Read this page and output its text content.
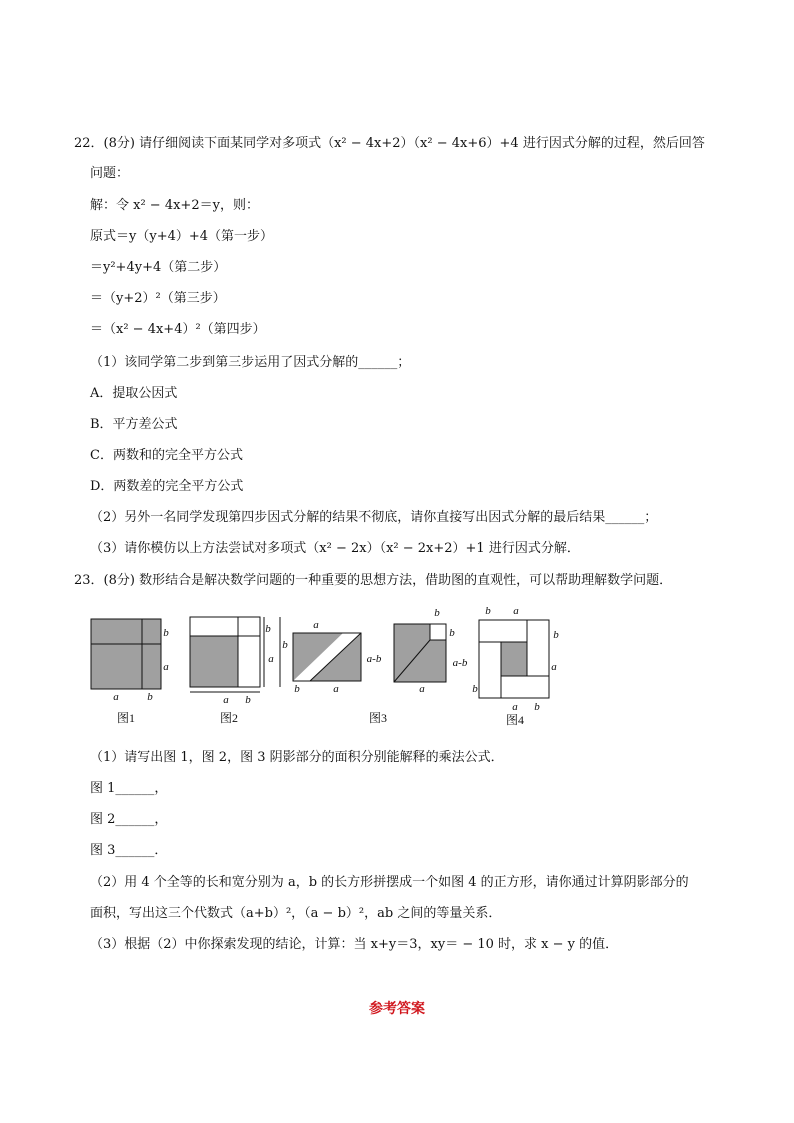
22．(8分) 请仔细阅读下面某同学对多项式（x² − 4x+2）（x² − 4x+6）+4 进行因式分解的过程，然后回答
问题：
解：令 x² − 4x+2＝y，则：
原式＝y（y+4）+4（第一步）
＝y²+4y+4（第二步）
＝（y+2）²（第三步）
＝（x² − 4x+4）²（第四步）
（1）该同学第二步到第三步运用了因式分解的______；
A．提取公因式
B．平方差公式
C．两数和的完全平方公式
D．两数差的完全平方公式
（2）另外一名同学发现第四步因式分解的结果不彻底，请你直接写出因式分解的最后结果______；
（3）请你模仿以上方法尝试对多项式（x² − 2x）（x² − 2x+2）+1 进行因式分解．
23．(8分) 数形结合是解决数学问题的一种重要的思想方法，借助图的直观性，可以帮助理解数学问题．
b
a
a	b
图1
b
b
a
a b
图2
a
a-b
b	a
图3
b
b
a-b
a
b a
b
a
b
a b
图4
（1）请写出图 1，图 2，图 3 阴影部分的面积分别能解释的乘法公式．
图 1______，
图 2______，
图 3______．
（2）用 4 个全等的长和宽分别为 a，b 的长方形拼摆成一个如图 4 的正方形，请你通过计算阴影部分的
面积，写出这三个代数式（a+b）²，（a − b）²，ab 之间的等量关系．
（3）根据（2）中你探索发现的结论，计算：当 x+y＝3，xy＝ − 10 时，求 x − y 的值．
参考答案
